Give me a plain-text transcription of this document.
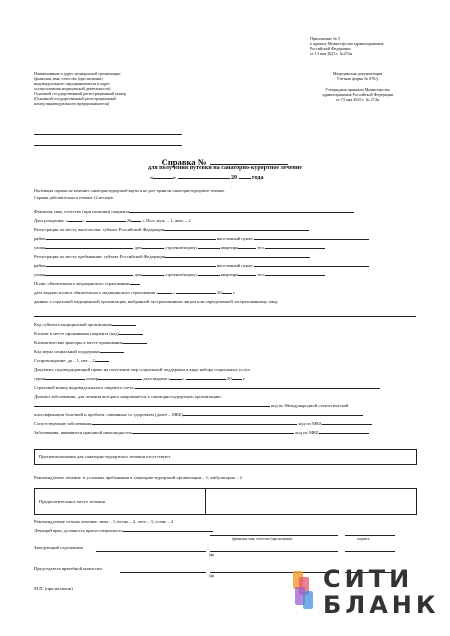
Приложение № 5
к приказу Министерства здравоохранения
Российской Федерации
от 13 мая 2025 г. №274н
Медицинская документация
Учетная форма № 070/у
Утверждена приказом Министерства
здравоохранения Российской Федерации
от 13 мая 2025 г. № 274н
Наименование и адрес медицинской организации
(фамилия, имя, отчество (при наличии)
индивидуального предпринимателя и адрес
осуществления медицинской деятельности)
Основной государственный регистрационный номер
(Основной государственный регистрационный
номер индивидуального предпринимателя)
Справка №
для получения путевки на санаторно-курортное лечение
«	»	20	года
Настоящая справка не заменяет санаторно-курортной карты и не дает права на санаторно-курортное лечение.
Справка действительна в течение 12 месяцев.
Фамилия, имя, отчество (при наличии) пациента
Дата рождения: «	»	20 г. Пол: муж. – 1, жен. – 2
Регистрация по месту жительства: субъект Российской Федерации
район	населенный пункт:
улица	дом	строение/корпус	квартира	тел.
Регистрация по месту пребывания: субъект Российской Федерации
район	населенный пункт:
улица	дом	строение/корпус	квартира	тел.
Полис обязательного медицинского страхования:
дата выдачи полиса обязательного медицинского страхования «	»	20 г.
данные о страховой медицинской организации, выбранной застрахованным лицом или определенной застрахованному лицу
Код субъекта медицинской организации
Климат в месте проживания пациента (код)
Климатические факторы в месте проживания
Код меры социальной поддержки
Сопровождение: да – 1, нет – 2
Документ, подтверждающий право на получение мер социальной поддержки в виде набора социальных услуг:
серия	номер	дата выдачи «	»	20 г.
Страховой номер индивидуального лицевого счета:
Диагноз заболевания, для лечения которого направляется в санаторно-курортную организацию:
код по Международной статистической
классификации болезней и проблем, связанных со здоровьем (далее – МКБ)
Сопутствующие заболевания:	код по МКБ
Заболевания, явившиеся причиной инвалидности:	код по МКБ
Противопоказания для санаторно-курортного лечения отсутствуют
Рекомендуемое лечение: в условиях пребывания в санаторно-курортной организации – 1; амбулаторно – 2
Предпочтительное место лечения
Рекомендуемые сезоны лечения: зима – 1, весна – 2, лето – 3, осень – 4
Лечащий врач, должность врача-специалиста
(фамилия, имя, отчество (при наличии)	подпись
Заведующий отделением
(фа
Председатель врачебной комиссии
(фа
М.П. (при наличии)	СИТИ
БЛАНК
